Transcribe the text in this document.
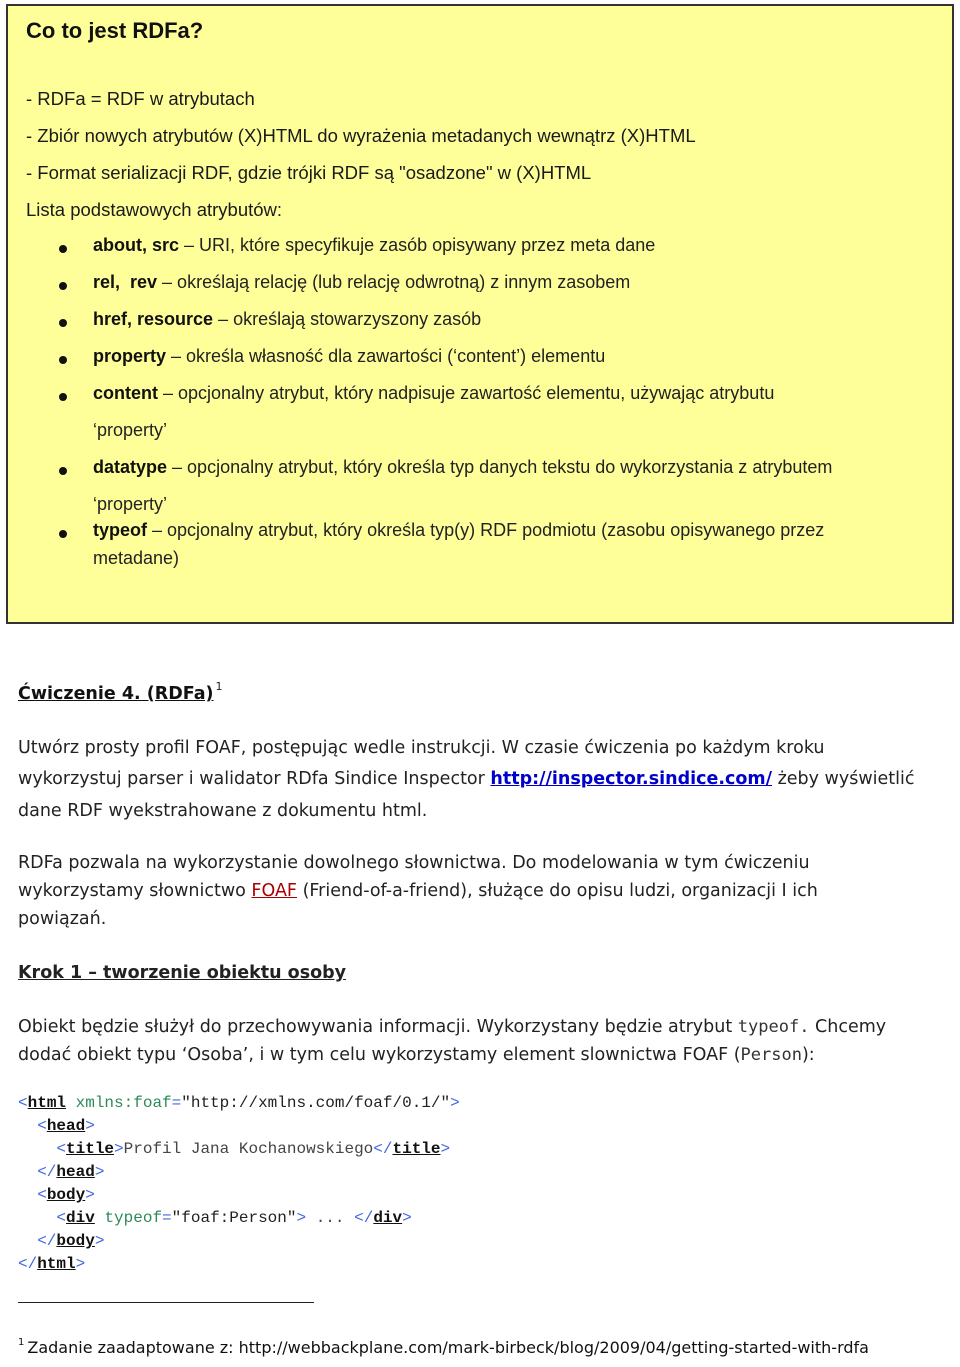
Co to jest RDFa?
- RDFa = RDF w atrybutach
- Zbiór nowych atrybutów (X)HTML do wyrażenia metadanych wewnątrz (X)HTML
- Format serializacji RDF, gdzie trójki RDF są "osadzone" w (X)HTML
Lista podstawowych atrybutów:
about, src – URI, które specyfikuje zasób opisywany przez meta dane
rel,  rev – określają relację (lub relację odwrotną) z innym zasobem
href, resource – określają stowarzyszony zasób
property – określa własność dla zawartości (‘content’) elementu
content – opcjonalny atrybut, który nadpisuje zawartość elementu, używając atrybutu
‘property’
datatype – opcjonalny atrybut, który określa typ danych tekstu do wykorzystania z atrybutem
‘property’
typeof – opcjonalny atrybut, który określa typ(y) RDF podmiotu (zasobu opisywanego przez
metadane)
Ćwiczenie 4. (RDFa) $^1$
Utwórz prosty profil FOAF, postępując wedle instrukcji. W czasie ćwiczenia po każdym kroku
wykorzystuj parser i walidator RDfa Sindice Inspector http://inspector.sindice.com/ żeby wyświetlić
dane RDF wyekstrahowane z dokumentu html.
RDFa pozwala na wykorzystanie dowolnego słownictwa. Do modelowania w tym ćwiczeniu
wykorzystamy słownictwo FOAF (Friend-of-a-friend), służące do opisu ludzi, organizacji I ich
powiązań.
Krok 1 – tworzenie obiektu osoby
Obiekt będzie służył do przechowywania informacji. Wykorzystany będzie atrybut typeof. Chcemy
dodać obiekt typu ‘Osoba’, i w tym celu wykorzystamy element slownictwa FOAF (Person):
<html xmlns:foaf="http://xmlns.com/foaf/0.1/">
<head>
<title>Profil Jana Kochanowskiego</title>
</head>
<body>
<div typeof="foaf:Person"> ... </div>
</body>
</html>
$^1$ Zadanie zaadaptowane z: http://webbackplane.com/mark-birbeck/blog/2009/04/getting-started-with-rdfa
